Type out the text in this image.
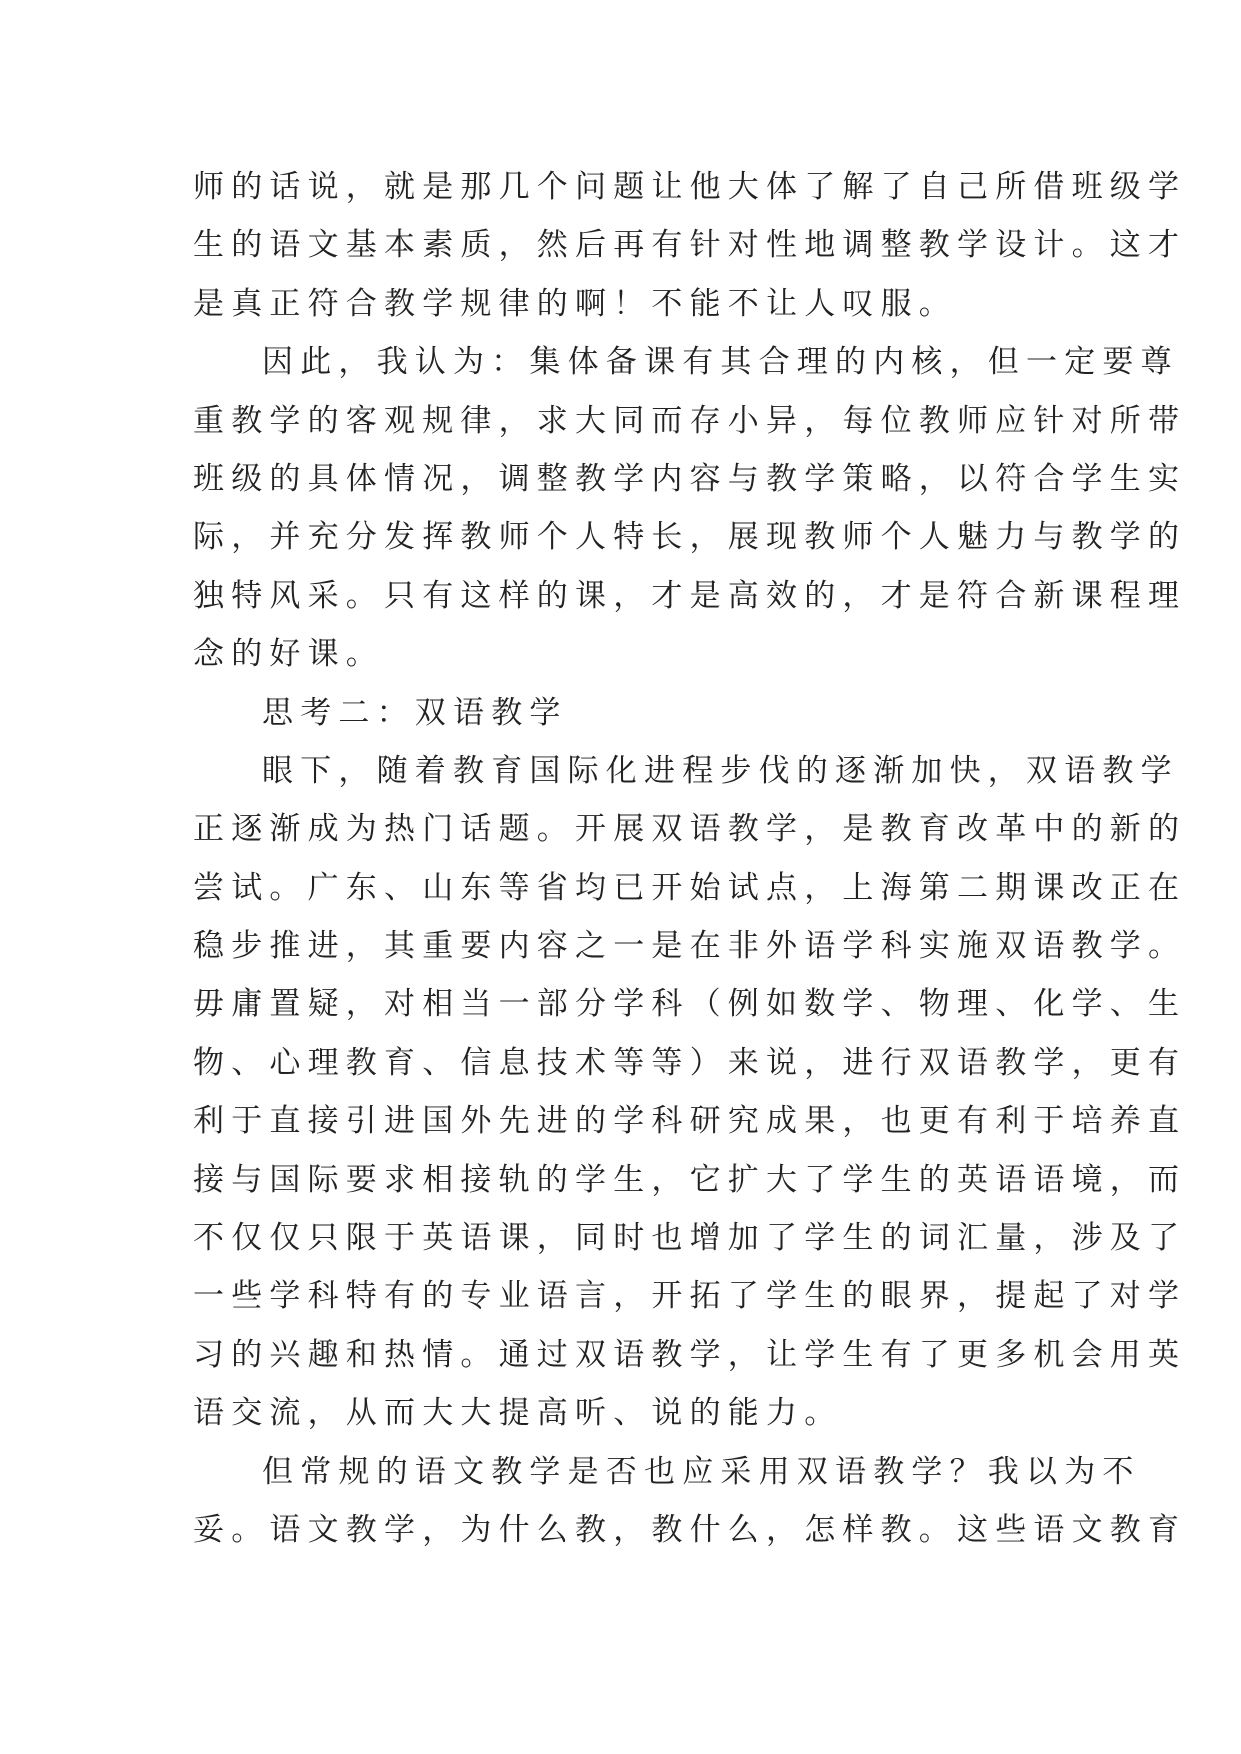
师的话说，就是那几个问题让他大体了解了自己所借班级学
生的语文基本素质，然后再有针对性地调整教学设计。这才
是真正符合教学规律的啊！不能不让人叹服。
因此，我认为：集体备课有其合理的内核，但一定要尊
重教学的客观规律，求大同而存小异，每位教师应针对所带
班级的具体情况，调整教学内容与教学策略，以符合学生实
际，并充分发挥教师个人特长，展现教师个人魅力与教学的
独特风采。只有这样的课，才是高效的，才是符合新课程理
念的好课。
思考二：双语教学
眼下，随着教育国际化进程步伐的逐渐加快，双语教学
正逐渐成为热门话题。开展双语教学，是教育改革中的新的
尝试。广东、山东等省均已开始试点，上海第二期课改正在
稳步推进，其重要内容之一是在非外语学科实施双语教学。
毋庸置疑，对相当一部分学科（例如数学、物理、化学、生
物、心理教育、信息技术等等）来说，进行双语教学，更有
利于直接引进国外先进的学科研究成果，也更有利于培养直
接与国际要求相接轨的学生，它扩大了学生的英语语境，而
不仅仅只限于英语课，同时也增加了学生的词汇量，涉及了
一些学科特有的专业语言，开拓了学生的眼界，提起了对学
习的兴趣和热情。通过双语教学，让学生有了更多机会用英
语交流，从而大大提高听、说的能力。
但常规的语文教学是否也应采用双语教学？我以为不
妥。语文教学，为什么教，教什么，怎样教。这些语文教育
